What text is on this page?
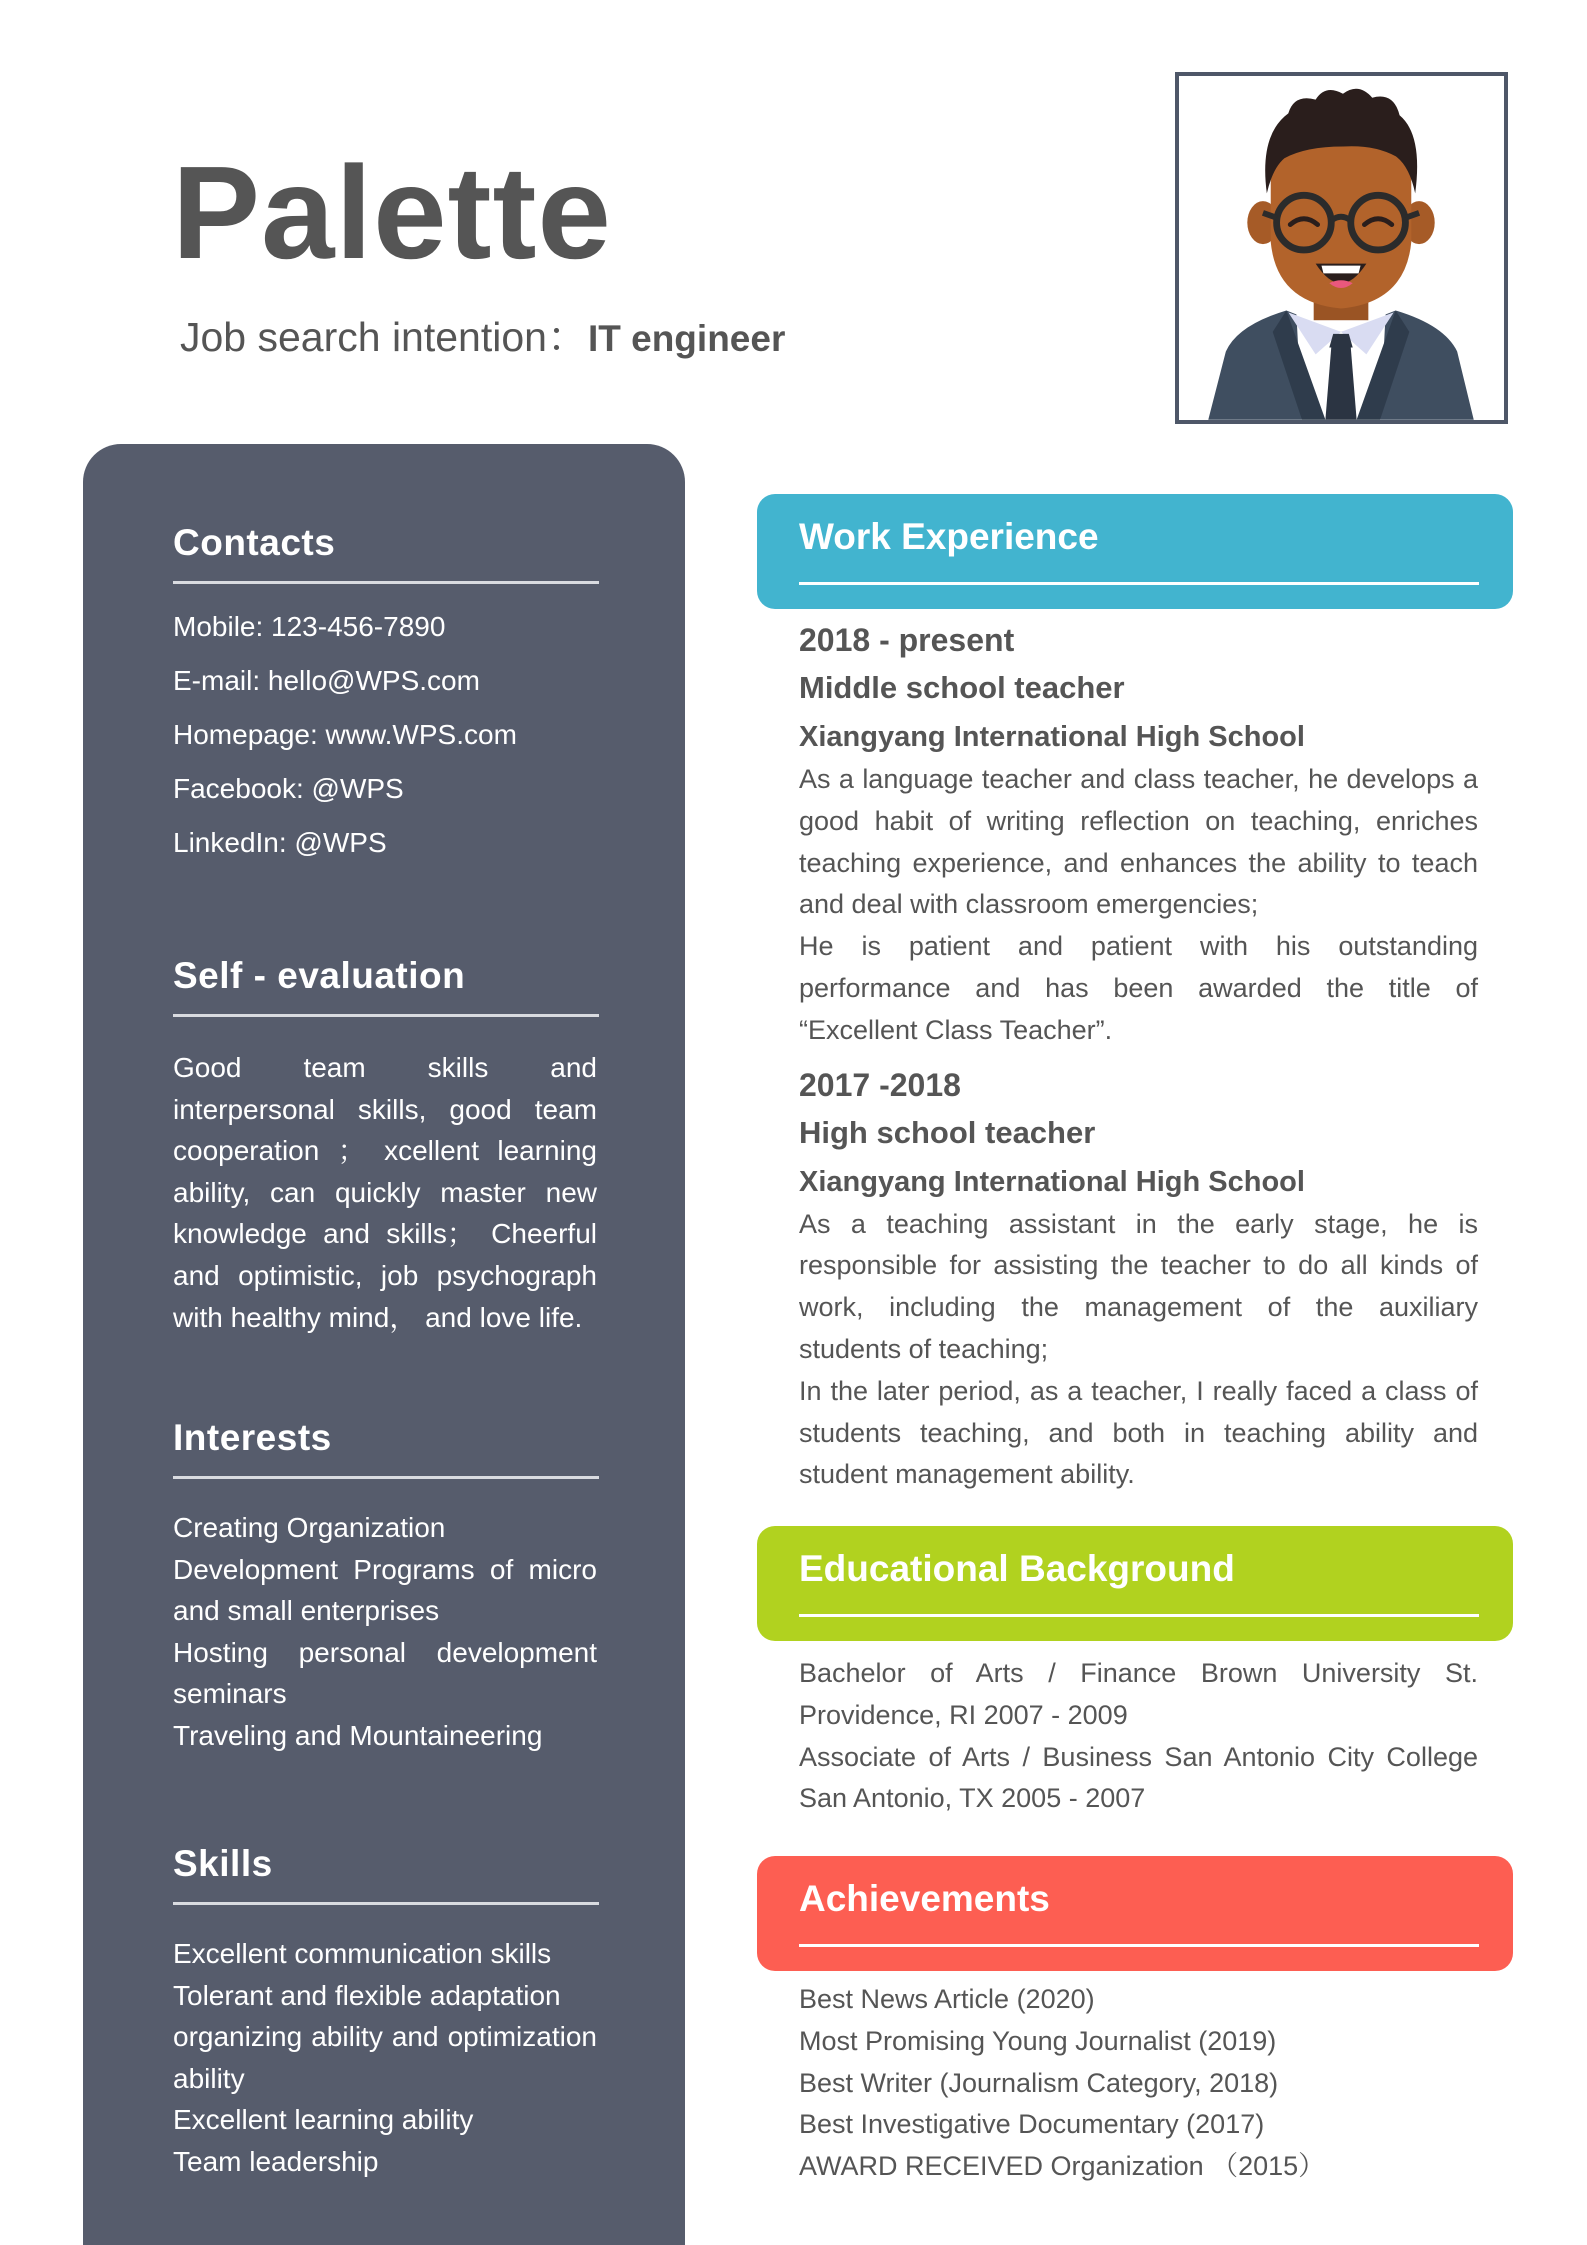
Palette
Job search intention：IT engineer
Contacts
Mobile: 123-456-7890
E-mail: hello@WPS.com
Homepage: www.WPS.com
Facebook: @WPS
LinkedIn: @WPS
Self - evaluation
Good team skills and interpersonal skills, good team cooperation ； xcellent learning ability, can quickly master new knowledge and skills； Cheerful and optimistic, job psychograph with healthy mind， and love life.
Interests
Creating Organization
Development Programs of micro and small enterprises
Hosting personal development seminars
Traveling and Mountaineering
Skills
Excellent communication skills
Tolerant and flexible adaptation
organizing ability and optimization ability
Excellent learning ability
Team leadership
Work Experience
2018 - present
Middle school teacher
Xiangyang International High School
As a language teacher and class teacher, he develops a good habit of writing reflection on teaching, enriches teaching experience, and enhances the ability to teach and deal with classroom emergencies;
He is patient and patient with his outstanding performance and has been awarded the title of “Excellent Class Teacher”.
2017 -2018
High school teacher
Xiangyang International High School
As a teaching assistant in the early stage, he is responsible for assisting the teacher to do all kinds of work, including the management of the auxiliary students of teaching;
In the later period, as a teacher, I really faced a class of students teaching, and both in teaching ability and student management ability.
Educational Background
Bachelor of Arts / Finance Brown University St. Providence, RI 2007 - 2009
Associate of Arts / Business San Antonio City College San Antonio, TX 2005 - 2007
Achievements
Best News Article (2020)
Most Promising Young Journalist (2019)
Best Writer (Journalism Category, 2018)
Best Investigative Documentary (2017)
AWARD RECEIVED Organization （2015）
